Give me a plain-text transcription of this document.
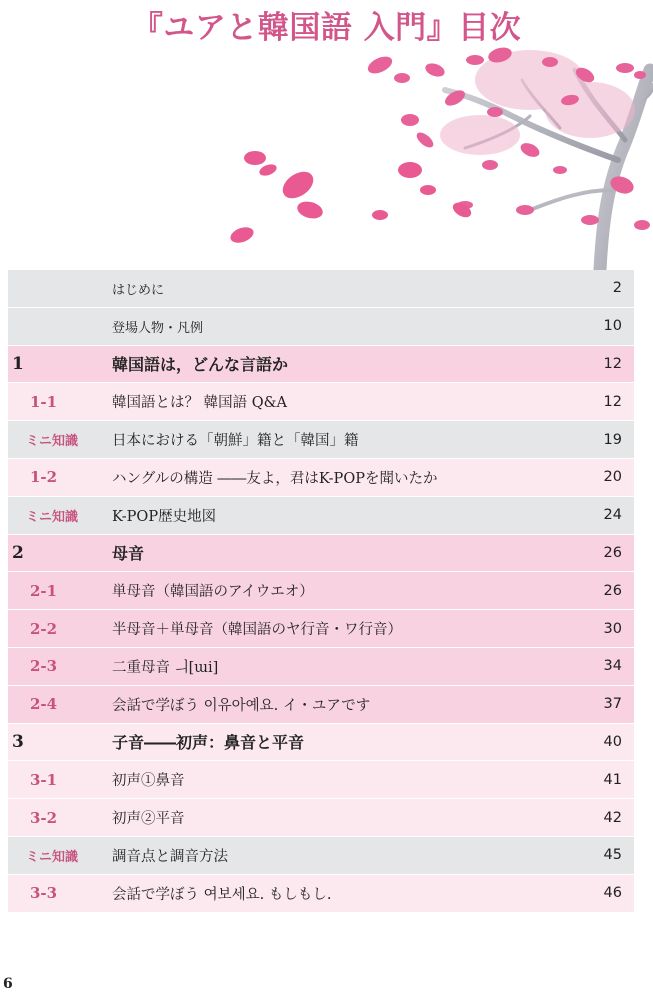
『ユアと韓国語 入門』目次
はじめに	2
登場人物・凡例	10
1	韓国語は，どんな言語か	12
1-1	韓国語とは？ 韓国語 Q&A	12
ミニ知識	日本における「朝鮮」籍と「韓国」籍	19
1-2	ハングルの構造 ――友よ，君はK-POPを聞いたか	20
ミニ知識	K-POP歴史地図	24
2	母音	26
2-1	単母音（韓国語のアイウエオ）	26
2-2	半母音＋単母音（韓国語のヤ行音・ワ行音）	30
2-3	二重母音 ㅢ[ɯi]	34
2-4	会話で学ぼう 이유아예요. イ・ユアです	37
3	子音――初声：鼻音と平音	40
3-1	初声①鼻音	41
3-2	初声②平音	42
ミニ知識	調音点と調音方法	45
3-3	会話で学ぼう 여보세요. もしもし.	46
6
